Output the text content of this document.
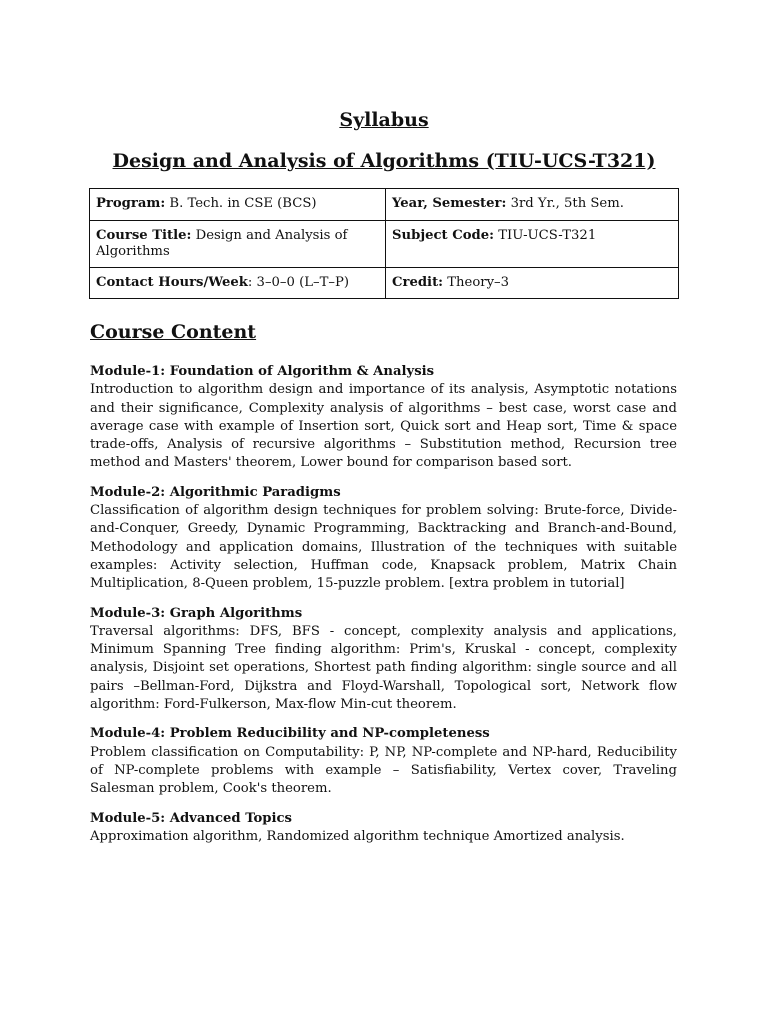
Syllabus
Design and Analysis of Algorithms (TIU-UCS-T321)
Program: B. Tech. in CSE (BCS)	Year, Semester: 3rd Yr., 5th Sem.
Course Title: Design and Analysis of Algorithms	Subject Code: TIU-UCS-T321
Contact Hours/Week: 3–0–0 (L–T–P)	Credit: Theory–3
Course Content
Module-1: Foundation of Algorithm & Analysis
Introduction to algorithm design and importance of its analysis, Asymptotic notations and their significance, Complexity analysis of algorithms – best case, worst case and average case with example of Insertion sort, Quick sort and Heap sort, Time & space trade-offs, Analysis of recursive algorithms – Substitution method, Recursion tree method and Masters' theorem, Lower bound for comparison based sort.
Module-2: Algorithmic Paradigms
Classification of algorithm design techniques for problem solving: Brute-force, Divide-and-Conquer, Greedy, Dynamic Programming, Backtracking and Branch-and-Bound, Methodology and application domains, Illustration of the techniques with suitable examples: Activity selection, Huffman code, Knapsack problem, Matrix Chain Multiplication, 8-Queen problem, 15-puzzle problem. [extra problem in tutorial]
Module-3: Graph Algorithms
Traversal algorithms: DFS, BFS - concept, complexity analysis and applications, Minimum Spanning Tree finding algorithm: Prim's, Kruskal - concept, complexity analysis, Disjoint set operations, Shortest path finding algorithm: single source and all pairs –Bellman-Ford, Dijkstra and Floyd-Warshall, Topological sort, Network flow algorithm: Ford-Fulkerson, Max-flow Min-cut theorem.
Module-4: Problem Reducibility and NP-completeness
Problem classification on Computability: P, NP, NP-complete and NP-hard, Reducibility of NP-complete problems with example – Satisfiability, Vertex cover, Traveling Salesman problem, Cook's theorem.
Module-5: Advanced Topics
Approximation algorithm, Randomized algorithm technique Amortized analysis.
